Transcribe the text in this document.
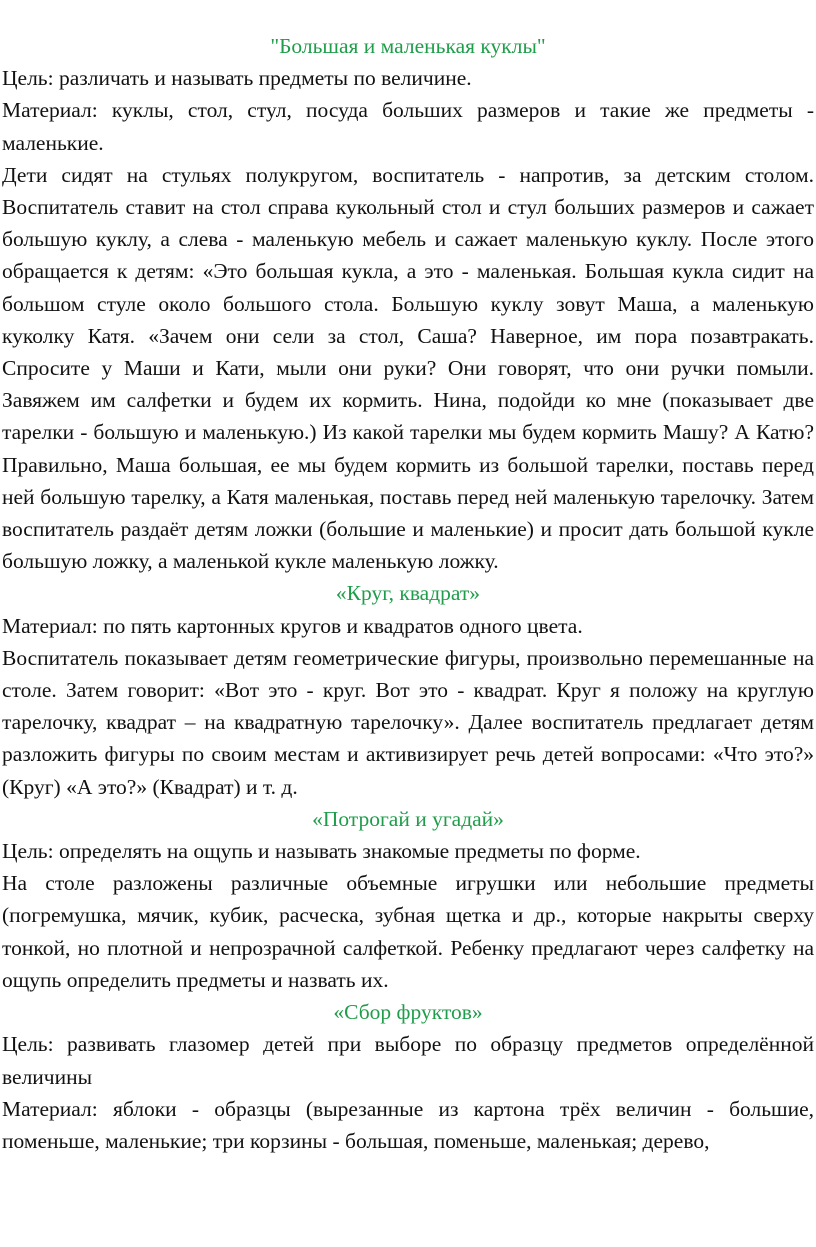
"Большая и маленькая куклы"

Цель: различать и называть предметы по величине.

Материал: куклы, стол, стул, посуда больших размеров и такие же предметы - маленькие.

Дети сидят на стульях полукругом, воспитатель - напротив, за детским столом. Воспитатель ставит на стол справа кукольный стол и стул больших размеров и сажает большую куклу, а слева - маленькую мебель и сажает маленькую куклу. После этого обращается к детям: «Это большая кукла, а это - маленькая. Большая кукла сидит на большом стуле около большого стола. Большую куклу зовут Маша, а маленькую куколку Катя. «Зачем они сели за стол, Саша? Наверное, им пора позавтракать. Спросите у Маши и Кати, мыли они руки? Они говорят, что они ручки помыли. Завяжем им салфетки и будем их кормить. Нина, подойди ко мне (показывает две тарелки - большую и маленькую.) Из какой тарелки мы будем кормить Машу? А Катю? Правильно, Маша большая, ее мы будем кормить из большой тарелки, поставь перед ней большую тарелку, а Катя маленькая, поставь перед ней маленькую тарелочку. Затем воспитатель раздаёт детям ложки (большие и маленькие) и просит дать большой кукле большую ложку, а маленькой кукле маленькую ложку.

«Круг, квадрат»

Материал: по пять картонных кругов и квадратов одного цвета.

Воспитатель показывает детям геометрические фигуры, произвольно перемешанные на столе. Затем говорит: «Вот это - круг. Вот это - квадрат. Круг я положу на круглую тарелочку, квадрат – на квадратную тарелочку». Далее воспитатель предлагает детям разложить фигуры по своим местам и активизирует речь детей вопросами: «Что это?» (Круг) «А это?» (Квадрат) и т. д.

«Потрогай и угадай»

Цель: определять на ощупь и называть знакомые предметы по форме.

На столе разложены различные объемные игрушки или небольшие предметы (погремушка, мячик, кубик, расческа, зубная щетка и др., которые накрыты сверху тонкой, но плотной и непрозрачной салфеткой. Ребенку предлагают через салфетку на ощупь определить предметы и назвать их.

«Сбор фруктов»

Цель: развивать глазомер детей при выборе по образцу предметов определённой величины

Материал: яблоки - образцы (вырезанные из картона трёх величин - большие, поменьше, маленькие; три корзины - большая, поменьше, маленькая; дерево,
